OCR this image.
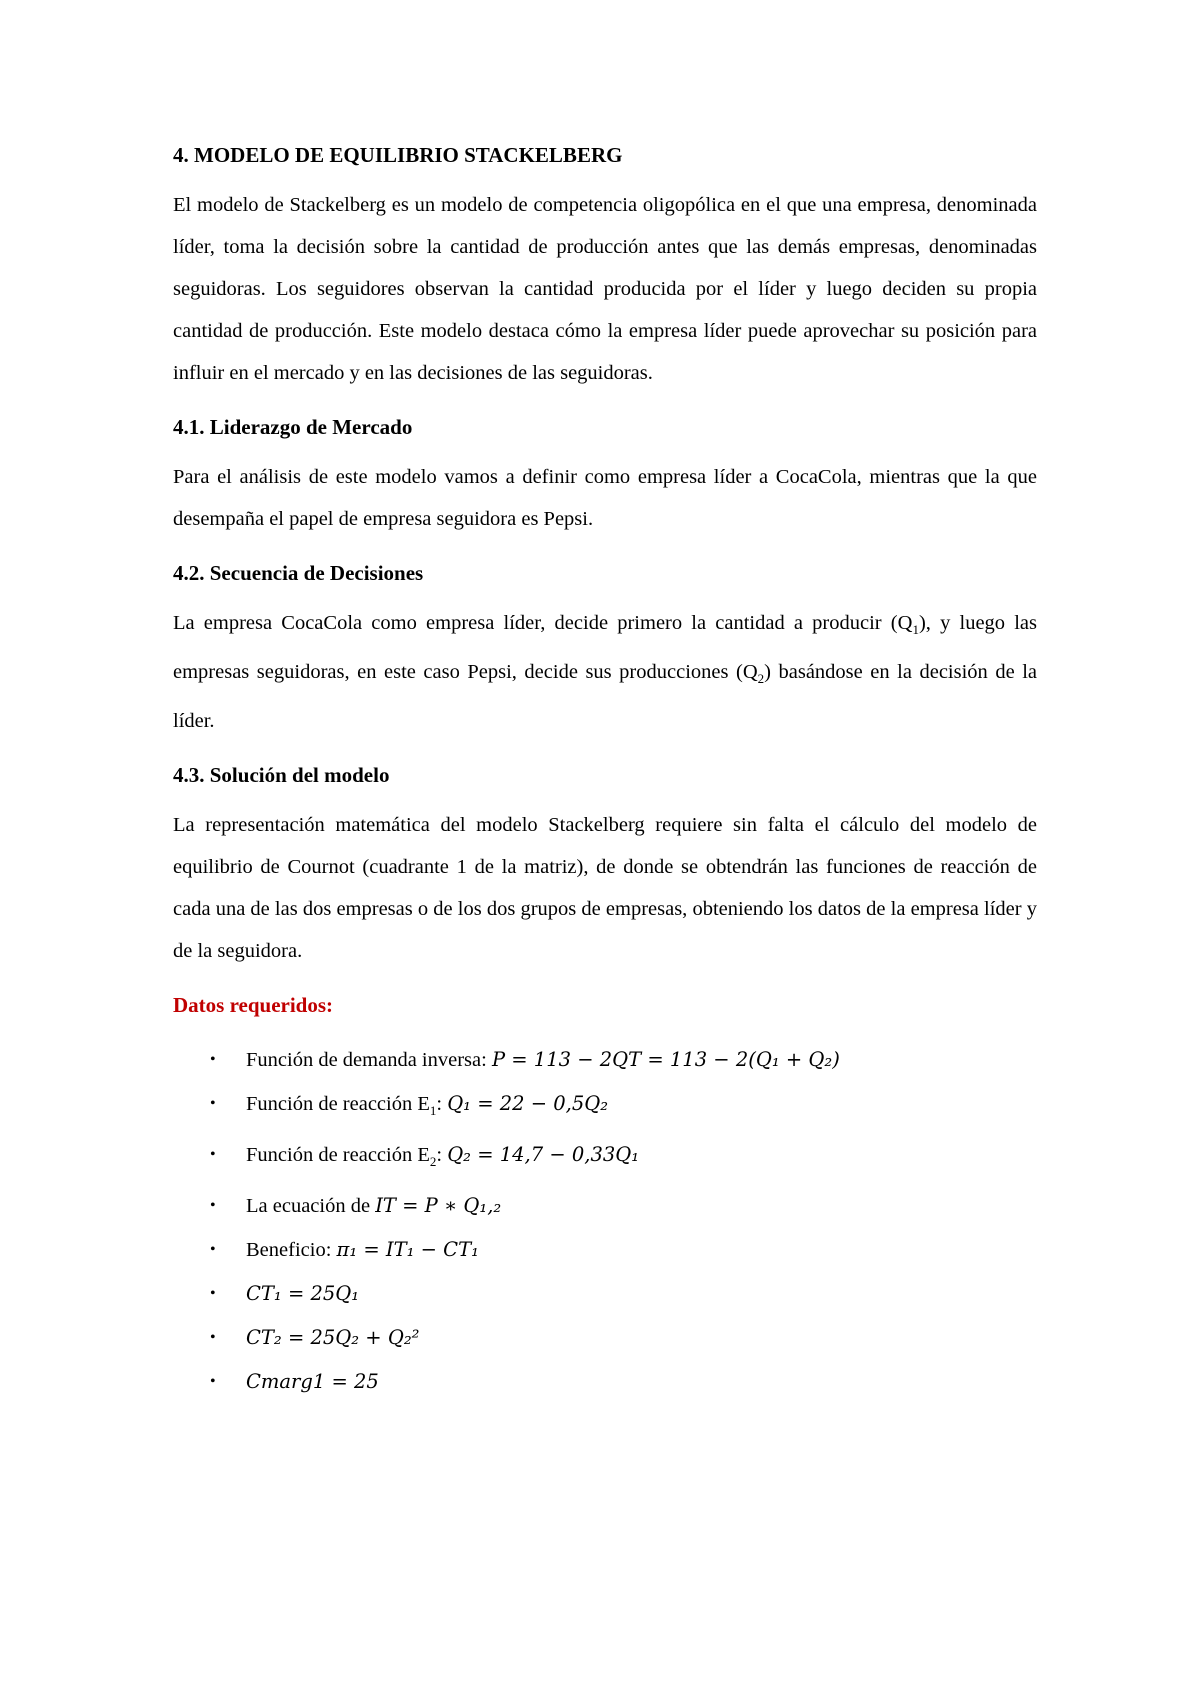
4. MODELO DE EQUILIBRIO STACKELBERG

El modelo de Stackelberg es un modelo de competencia oligopólica en el que una empresa, denominada líder, toma la decisión sobre la cantidad de producción antes que las demás empresas, denominadas seguidoras. Los seguidores observan la cantidad producida por el líder y luego deciden su propia cantidad de producción. Este modelo destaca cómo la empresa líder puede aprovechar su posición para influir en el mercado y en las decisiones de las seguidoras.

4.1. Liderazgo de Mercado

Para el análisis de este modelo vamos a definir como empresa líder a CocaCola, mientras que la que desempaña el papel de empresa seguidora es Pepsi.

4.2. Secuencia de Decisiones

La empresa CocaCola como empresa líder, decide primero la cantidad a producir $(Q_1)$, y luego las empresas seguidoras, en este caso Pepsi, decide sus producciones $(Q_2)$ basándose en la decisión de la líder.

4.3. Solución del modelo

La representación matemática del modelo Stackelberg requiere sin falta el cálculo del modelo de equilibrio de Cournot (cuadrante 1 de la matriz), de donde se obtendrán las funciones de reacción de cada una de las dos empresas o de los dos grupos de empresas, obteniendo los datos de la empresa líder y de la seguidora.

Datos requeridos:
• Función de demanda inversa: P = 113 − 2QT = 113 − 2(Q₁ + Q₂)
• Función de reacción $E_1$: Q₁ = 22 − 0,5Q₂
• Función de reacción $E_2$: Q₂ = 14,7 − 0,33Q₁
• La ecuación de IT = P ∗ Q₁,₂
• Beneficio: π₁ = IT₁ − CT₁
• CT₁ = 25Q₁
• CT₂ = 25Q₂ + Q₂²
• Cmarg1 = 25
